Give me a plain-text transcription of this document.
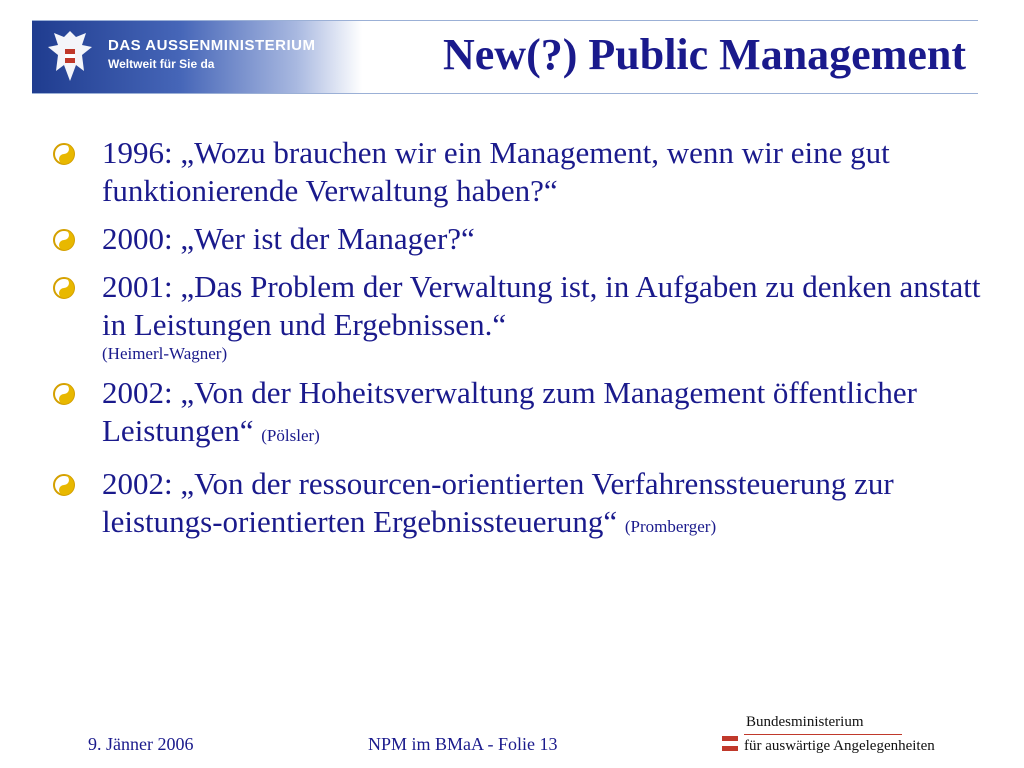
DAS AUSSENMINISTERIUM
Weltweit für Sie da	New(?) Public Management
1996: „Wozu brauchen wir ein Management, wenn wir eine gut funktionierende Verwaltung haben?“
2000: „Wer ist der Manager?“
2001: „Das Problem der Verwaltung ist, in Aufgaben zu denken anstatt in Leistungen und Ergebnissen.“
(Heimerl-Wagner)
2002: „Von der Hoheitsverwaltung zum Management öffentlicher Leistungen“ (Pölsler)
2002: „Von der ressourcen-orientierten Verfahrenssteuerung zur leistungs-orientierten Ergebnissteuerung“ (Promberger)
9. Jänner 2006	NPM im BMaA - Folie 13
Bundesministerium
für auswärtige Angelegenheiten
